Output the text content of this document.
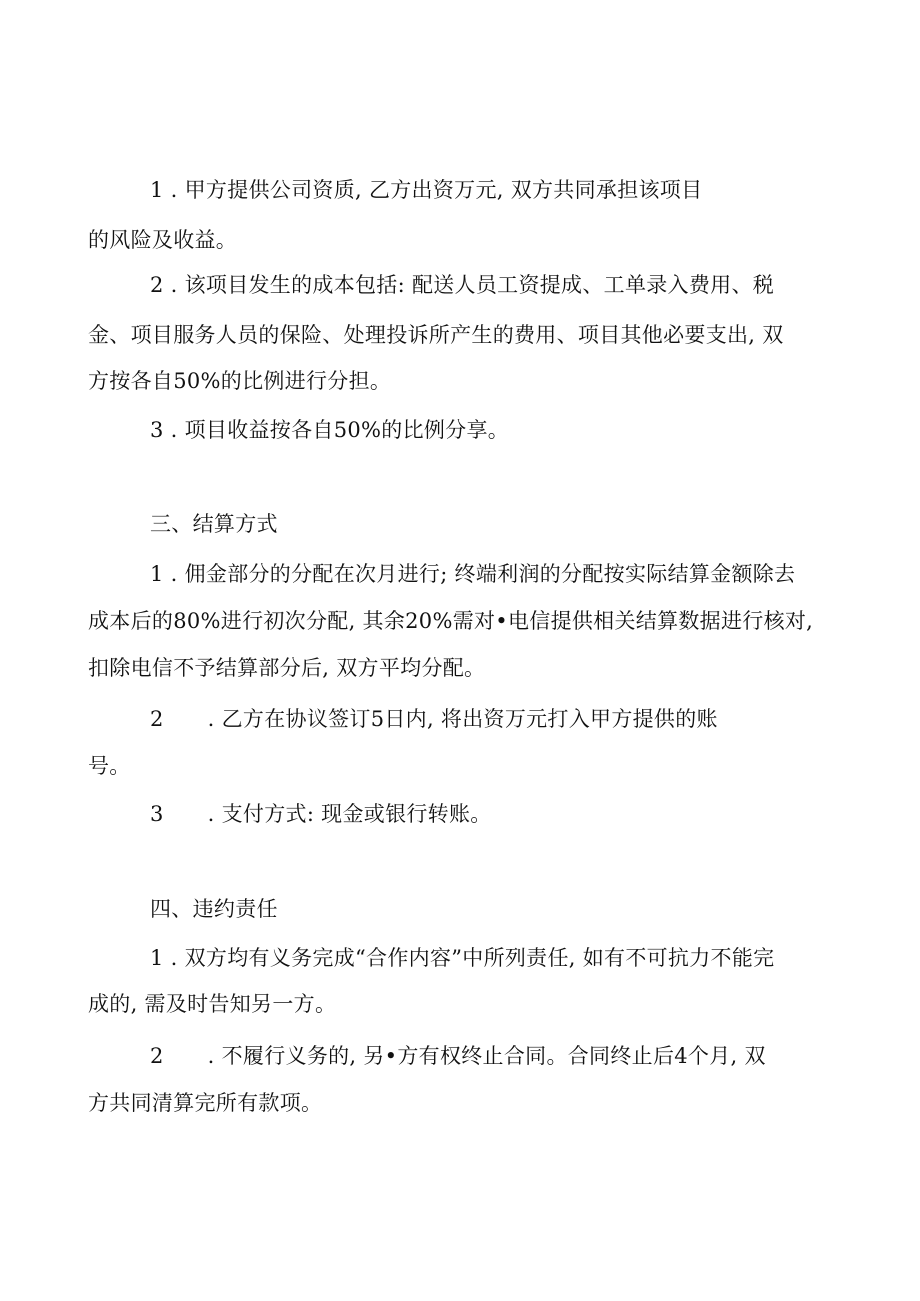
1 . 甲方提供公司资质, 乙方出资万元, 双方共同承担该项目
的风险及收益。
2 . 该项目发生的成本包括: 配送人员工资提成、工单录入费用、税
金、项目服务人员的保险、处理投诉所产生的费用、项目其他必要支出, 双
方按各自50%的比例进行分担。
3 . 项目收益按各自50%的比例分享。
三、结算方式
1 . 佣金部分的分配在次月进行; 终端利润的分配按实际结算金额除去
成本后的80%进行初次分配, 其余20%需对•电信提供相关结算数据进行核对,
扣除电信不予结算部分后, 双方平均分配。
2 . 乙方在协议签订5日内, 将出资万元打入甲方提供的账
号。
3 . 支付方式: 现金或银行转账。
四、违约责任
1 . 双方均有义务完成“合作内容”中所列责任, 如有不可抗力不能完
成的, 需及时告知另一方。
2 . 不履行义务的, 另•方有权终止合同。合同终止后4个月, 双
方共同清算完所有款项。
